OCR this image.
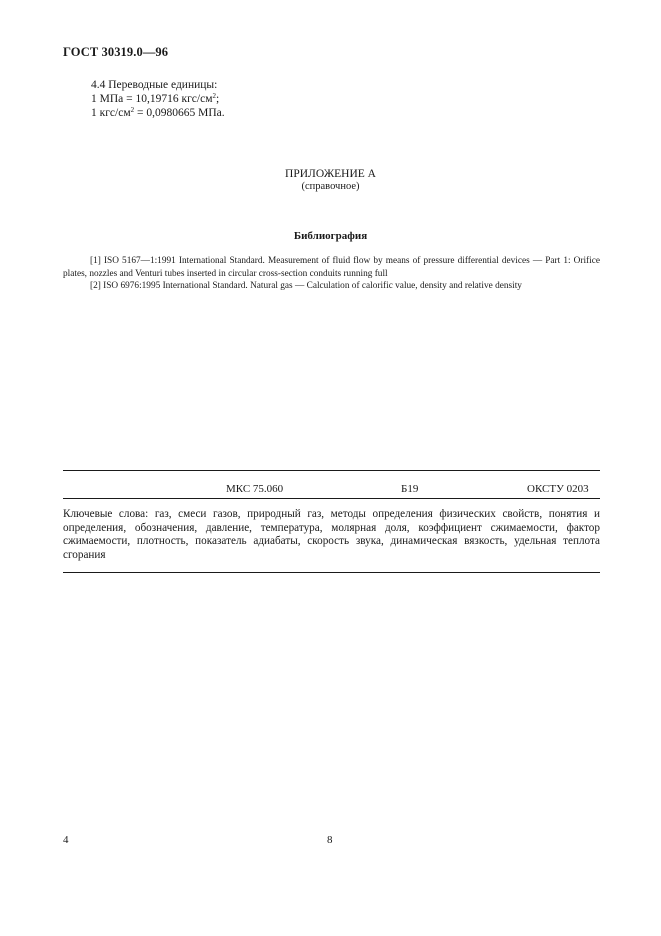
ГОСТ 30319.0—96
4.4 Переводные единицы:
1 МПа = 10,19716 кгс/$см^2$;
1 кгс/$см^2 = 0,0980665$ МПа.
ПРИЛОЖЕНИЕ А
(справочное)
Библиография

[1] ISO 5167—1:1991 International Standard. Measurement of fluid flow by means of pressure differential devices — Part 1: Orifice plates, nozzles and Venturi tubes inserted in circular cross-section conduits running full

[2] ISO 6976:1995 International Standard. Natural gas — Calculation of calorific value, density and relative density

МКС 75.060	Б19	ОКСТУ 0203
Ключевые слова: газ, смеси газов, природный газ, методы определения физических свойств, понятия и определения, обозначения, давление, температура, молярная доля, коэффициент сжимаемости, фактор сжимаемости, плотность, показатель адиабаты, скорость звука, динамическая вязкость, удельная теплота сгорания
4	8
